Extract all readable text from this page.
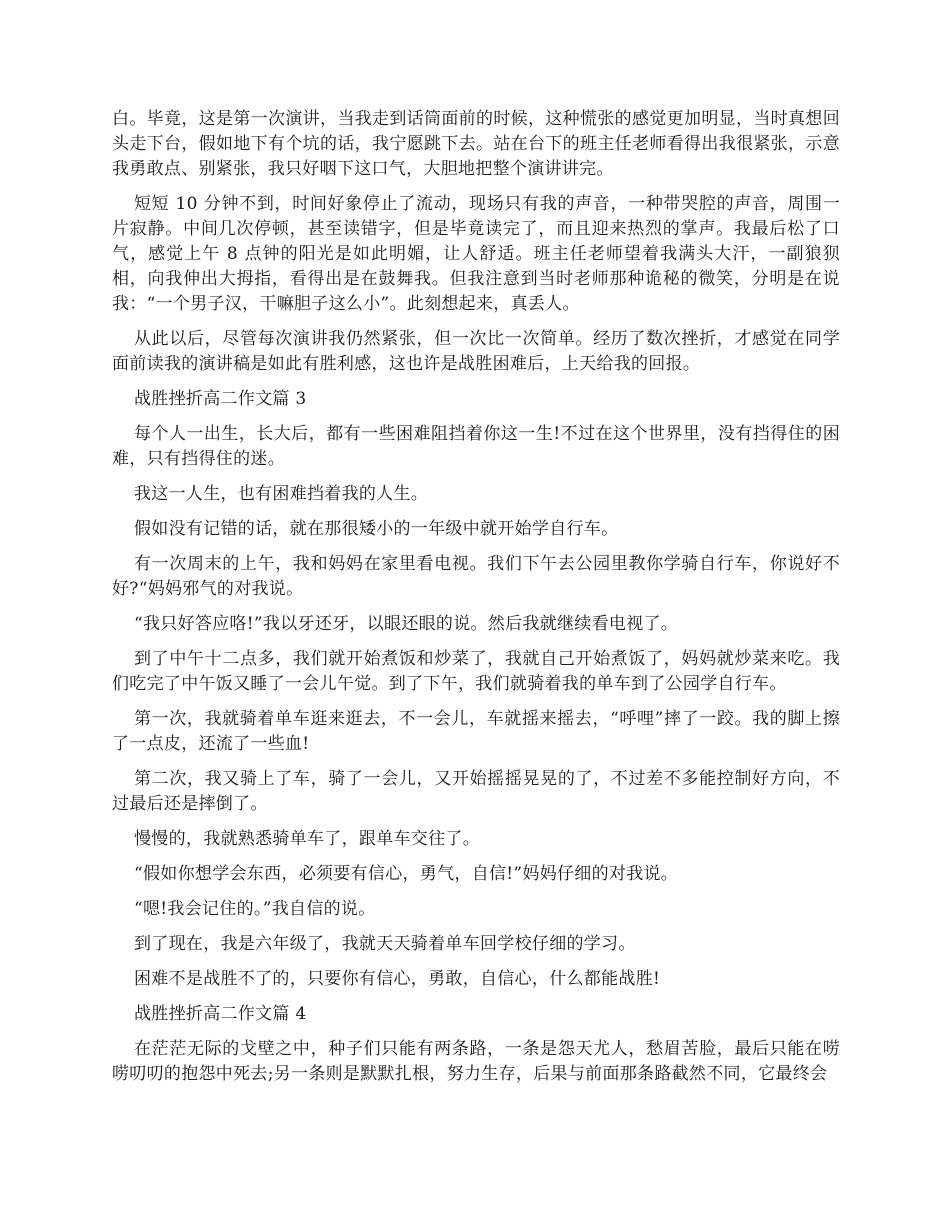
白。毕竟，这是第一次演讲，当我走到话筒面前的时候，这种慌张的感觉更加明显，当时真想回头走下台，假如地下有个坑的话，我宁愿跳下去。站在台下的班主任老师看得出我很紧张，示意我勇敢点、别紧张，我只好咽下这口气，大胆地把整个演讲讲完。

短短 10 分钟不到，时间好象停止了流动，现场只有我的声音，一种带哭腔的声音，周围一片寂静。中间几次停顿，甚至读错字，但是毕竟读完了，而且迎来热烈的掌声。我最后松了口气，感觉上午 8 点钟的阳光是如此明媚，让人舒适。班主任老师望着我满头大汗，一副狼狈相，向我伸出大拇指，看得出是在鼓舞我。但我注意到当时老师那种诡秘的微笑，分明是在说我：“一个男子汉，干嘛胆子这么小”。此刻想起来，真丢人。

从此以后，尽管每次演讲我仍然紧张，但一次比一次简单。经历了数次挫折，才感觉在同学面前读我的演讲稿是如此有胜利感，这也许是战胜困难后，上天给我的回报。

战胜挫折高二作文篇 3

每个人一出生，长大后，都有一些困难阻挡着你这一生!不过在这个世界里，没有挡得住的困难，只有挡得住的迷。

我这一人生，也有困难挡着我的人生。

假如没有记错的话，就在那很矮小的一年级中就开始学自行车。

有一次周末的上午，我和妈妈在家里看电视。我们下午去公园里教你学骑自行车，你说好不好?“妈妈邪气的对我说。

“我只好答应咯!”我以牙还牙，以眼还眼的说。然后我就继续看电视了。

到了中午十二点多，我们就开始煮饭和炒菜了，我就自己开始煮饭了，妈妈就炒菜来吃。我们吃完了中午饭又睡了一会儿午觉。到了下午，我们就骑着我的单车到了公园学自行车。

第一次，我就骑着单车逛来逛去，不一会儿，车就摇来摇去，“呼哩”摔了一跤。我的脚上擦了一点皮，还流了一些血!

第二次，我又骑上了车，骑了一会儿，又开始摇摇晃晃的了，不过差不多能控制好方向，不过最后还是摔倒了。

慢慢的，我就熟悉骑单车了，跟单车交往了。

“假如你想学会东西，必须要有信心，勇气，自信!”妈妈仔细的对我说。

“嗯!我会记住的。”我自信的说。

到了现在，我是六年级了，我就天天骑着单车回学校仔细的学习。

困难不是战胜不了的，只要你有信心，勇敢，自信心，什么都能战胜!

战胜挫折高二作文篇 4

在茫茫无际的戈壁之中，种子们只能有两条路，一条是怨天尤人，愁眉苦脸，最后只能在唠唠叨叨的抱怨中死去;另一条则是默默扎根，努力生存，后果与前面那条路截然不同，它最终会
